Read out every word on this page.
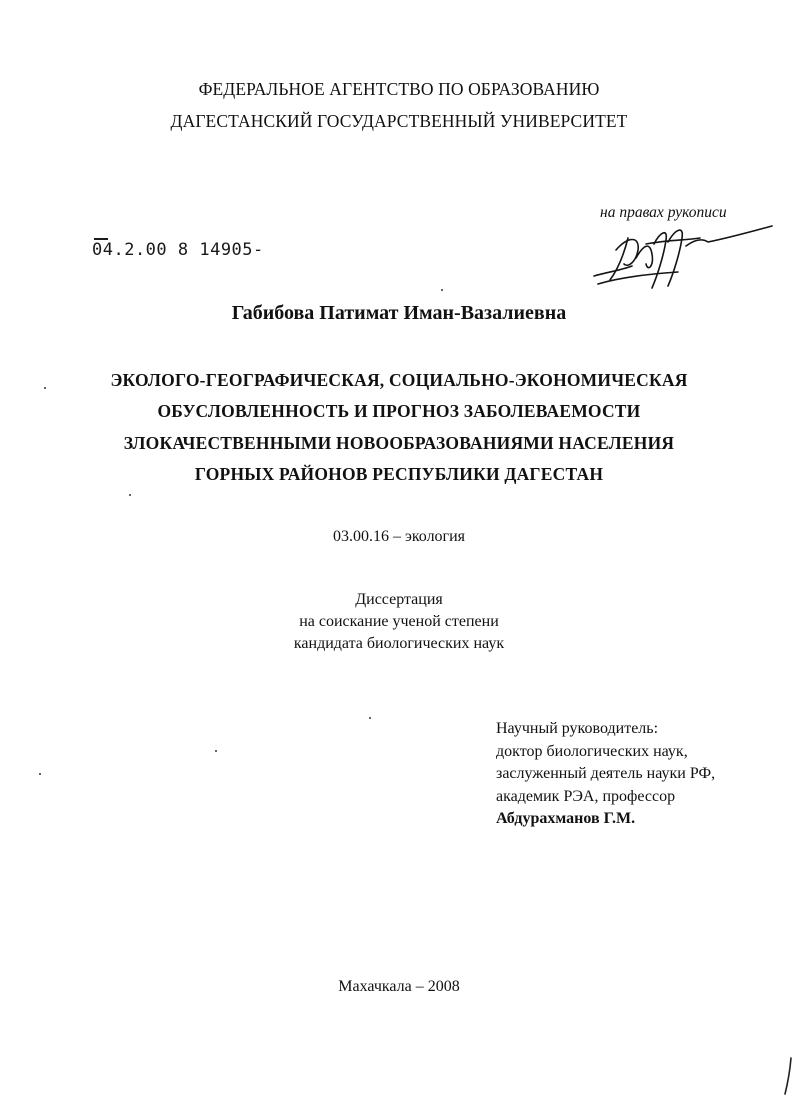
ФЕДЕРАЛЬНОЕ АГЕНТСТВО ПО ОБРАЗОВАНИЮ
ДАГЕСТАНСКИЙ ГОСУДАРСТВЕННЫЙ УНИВЕРСИТЕТ
на правах рукописи
04.2.00 8 14905-
Габибова Патимат Иман-Вазалиевна
ЭКОЛОГО-ГЕОГРАФИЧЕСКАЯ, СОЦИАЛЬНО-ЭКОНОМИЧЕСКАЯ
ОБУСЛОВЛЕННОСТЬ И ПРОГНОЗ ЗАБОЛЕВАЕМОСТИ
ЗЛОКАЧЕСТВЕННЫМИ НОВООБРАЗОВАНИЯМИ НАСЕЛЕНИЯ
ГОРНЫХ РАЙОНОВ РЕСПУБЛИКИ ДАГЕСТАН
03.00.16 – экология
Диссертация
на соискание ученой степени
кандидата биологических наук
Научный руководитель:
доктор биологических наук,
заслуженный деятель науки РФ,
академик РЭА, профессор
Абдурахманов Г.М.
Махачкала – 2008
